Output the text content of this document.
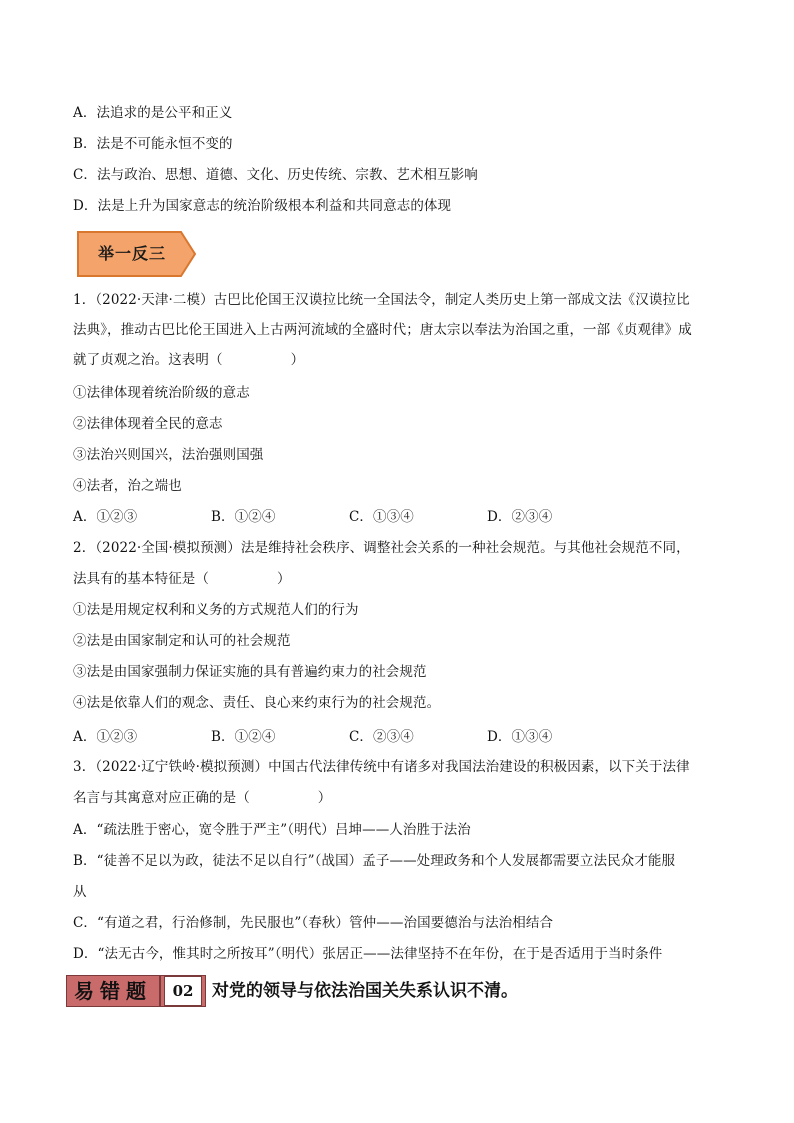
A．法追求的是公平和正义
B．法是不可能永恒不变的
C．法与政治、思想、道德、文化、历史传统、宗教、艺术相互影响
D．法是上升为国家意志的统治阶级根本利益和共同意志的体现
举一反三
1．（2022·天津·二模）古巴比伦国王汉谟拉比统一全国法令，制定人类历史上第一部成文法《汉谟拉比
法典》，推动古巴比伦王国进入上古两河流域的全盛时代；唐太宗以奉法为治国之重，一部《贞观律》成
就了贞观之治。这表明（　　　　　）
①法律体现着统治阶级的意志
②法律体现着全民的意志
③法治兴则国兴，法治强则国强
④法者，治之端也
A．①②③	B．①②④	C．①③④	D．②③④
2．（2022·全国·模拟预测）法是维持社会秩序、调整社会关系的一种社会规范。与其他社会规范不同，
法具有的基本特征是（　　　　　）
①法是用规定权利和义务的方式规范人们的行为
②法是由国家制定和认可的社会规范
③法是由国家强制力保证实施的具有普遍约束力的社会规范
④法是依靠人们的观念、责任、良心来约束行为的社会规范。
A．①②③	B．①②④	C．②③④	D．①③④
3．（2022·辽宁铁岭·模拟预测）中国古代法律传统中有诸多对我国法治建设的积极因素，以下关于法律
名言与其寓意对应正确的是（　　　　　）
A．“疏法胜于密心，宽令胜于严主”（明代）吕坤——人治胜于法治
B．“徒善不足以为政，徒法不足以自行”（战国）孟子——处理政务和个人发展都需要立法民众才能服
从
C．“有道之君，行治修制，先民服也”（春秋）管仲——治国要德治与法治相结合
D．“法无古今，惟其时之所按耳”（明代）张居正——法律坚持不在年份，在于是否适用于当时条件
易错题	02	对党的领导与依法治国关失系认识不清。
